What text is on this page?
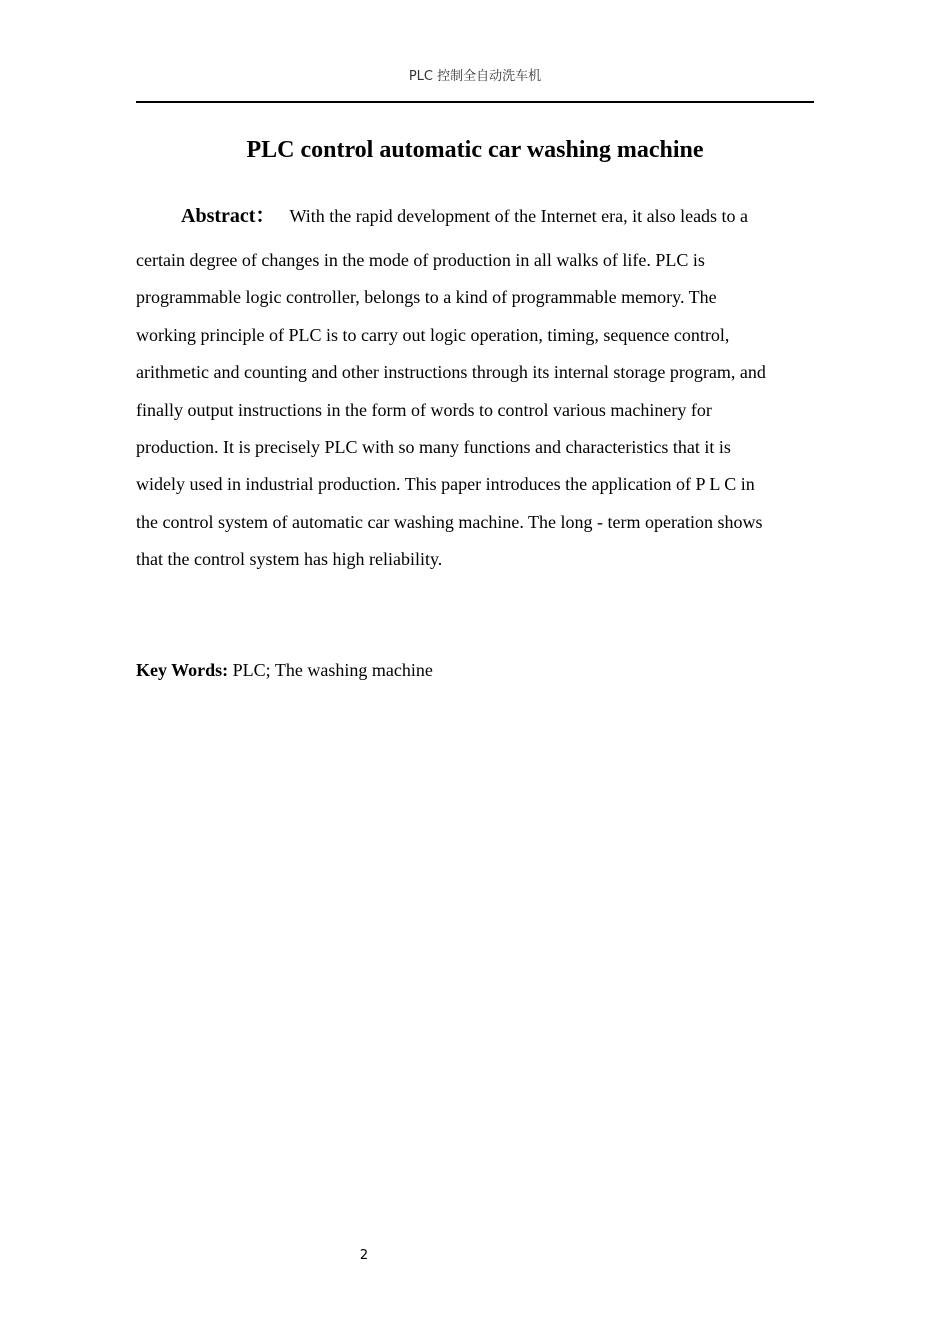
PLC 控制全自动洗车机
PLC control automatic car washing machine
Abstract： With the rapid development of the Internet era, it also leads to a
certain degree of changes in the mode of production in all walks of life. PLC is
programmable logic controller, belongs to a kind of programmable memory. The
working principle of PLC is to carry out logic operation, timing, sequence control,
arithmetic and counting and other instructions through its internal storage program, and
finally output instructions in the form of words to control various machinery for
production. It is precisely PLC with so many functions and characteristics that it is
widely used in industrial production. This paper introduces the application of P L C in
the control system of automatic car washing machine. The long - term operation shows
that the control system has high reliability.
Key Words: PLC; The washing machine
2
